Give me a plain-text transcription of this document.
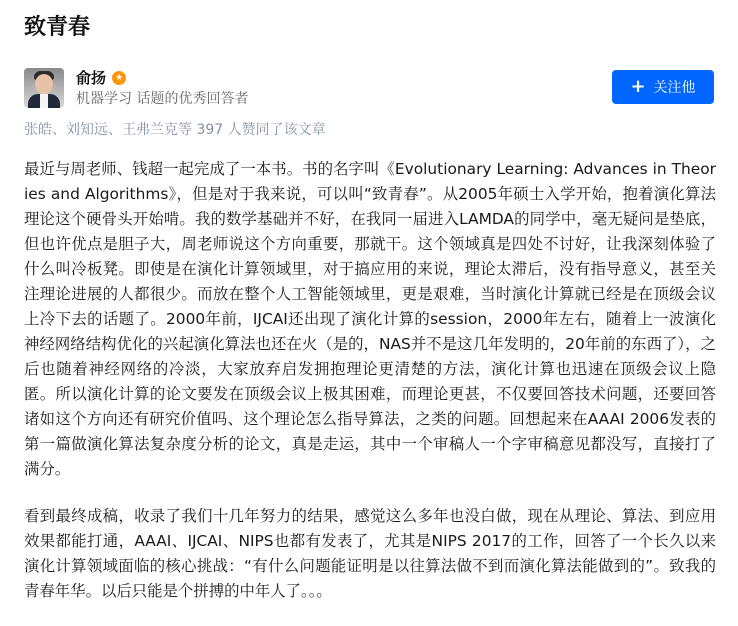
致青春
俞扬 ★
机器学习 话题的优秀回答者
+ 关注他
张皓、刘知远、王弗兰克等 397 人赞同了该文章

最近与周老师、钱超一起完成了一本书。书的名字叫《Evolutionary Learning: Advances in Theories and Algorithms》，但是对于我来说，可以叫“致青春”。从2005年硕士入学开始，抱着演化算法理论这个硬骨头开始啃。我的数学基础并不好，在我同一届进入LAMDA的同学中，毫无疑问是垫底，但也许优点是胆子大，周老师说这个方向重要，那就干。这个领域真是四处不讨好，让我深刻体验了什么叫冷板凳。即使是在演化计算领域里，对于搞应用的来说，理论太滞后，没有指导意义，甚至关注理论进展的人都很少。而放在整个人工智能领域里，更是艰难，当时演化计算就已经是在顶级会议上冷下去的话题了。2000年前，IJCAI还出现了演化计算的session，2000年左右，随着上一波演化神经网络结构优化的兴起演化算法也还在火（是的，NAS并不是这几年发明的，20年前的东西了），之后也随着神经网络的冷淡，大家放弃启发拥抱理论更清楚的方法，演化计算也迅速在顶级会议上隐匿。所以演化计算的论文要发在顶级会议上极其困难，而理论更甚，不仅要回答技术问题，还要回答诸如这个方向还有研究价值吗、这个理论怎么指导算法，之类的问题。回想起来在AAAI 2006发表的第一篇做演化算法复杂度分析的论文，真是走运，其中一个审稿人一个字审稿意见都没写，直接打了满分。

看到最终成稿，收录了我们十几年努力的结果，感觉这么多年也没白做，现在从理论、算法、到应用效果都能打通，AAAI、IJCAI、NIPS也都有发表了，尤其是NIPS 2017的工作，回答了一个长久以来演化计算领域面临的核心挑战：“有什么问题能证明是以往算法做不到而演化算法能做到的”。致我的青春年华。以后只能是个拼搏的中年人了。。。
